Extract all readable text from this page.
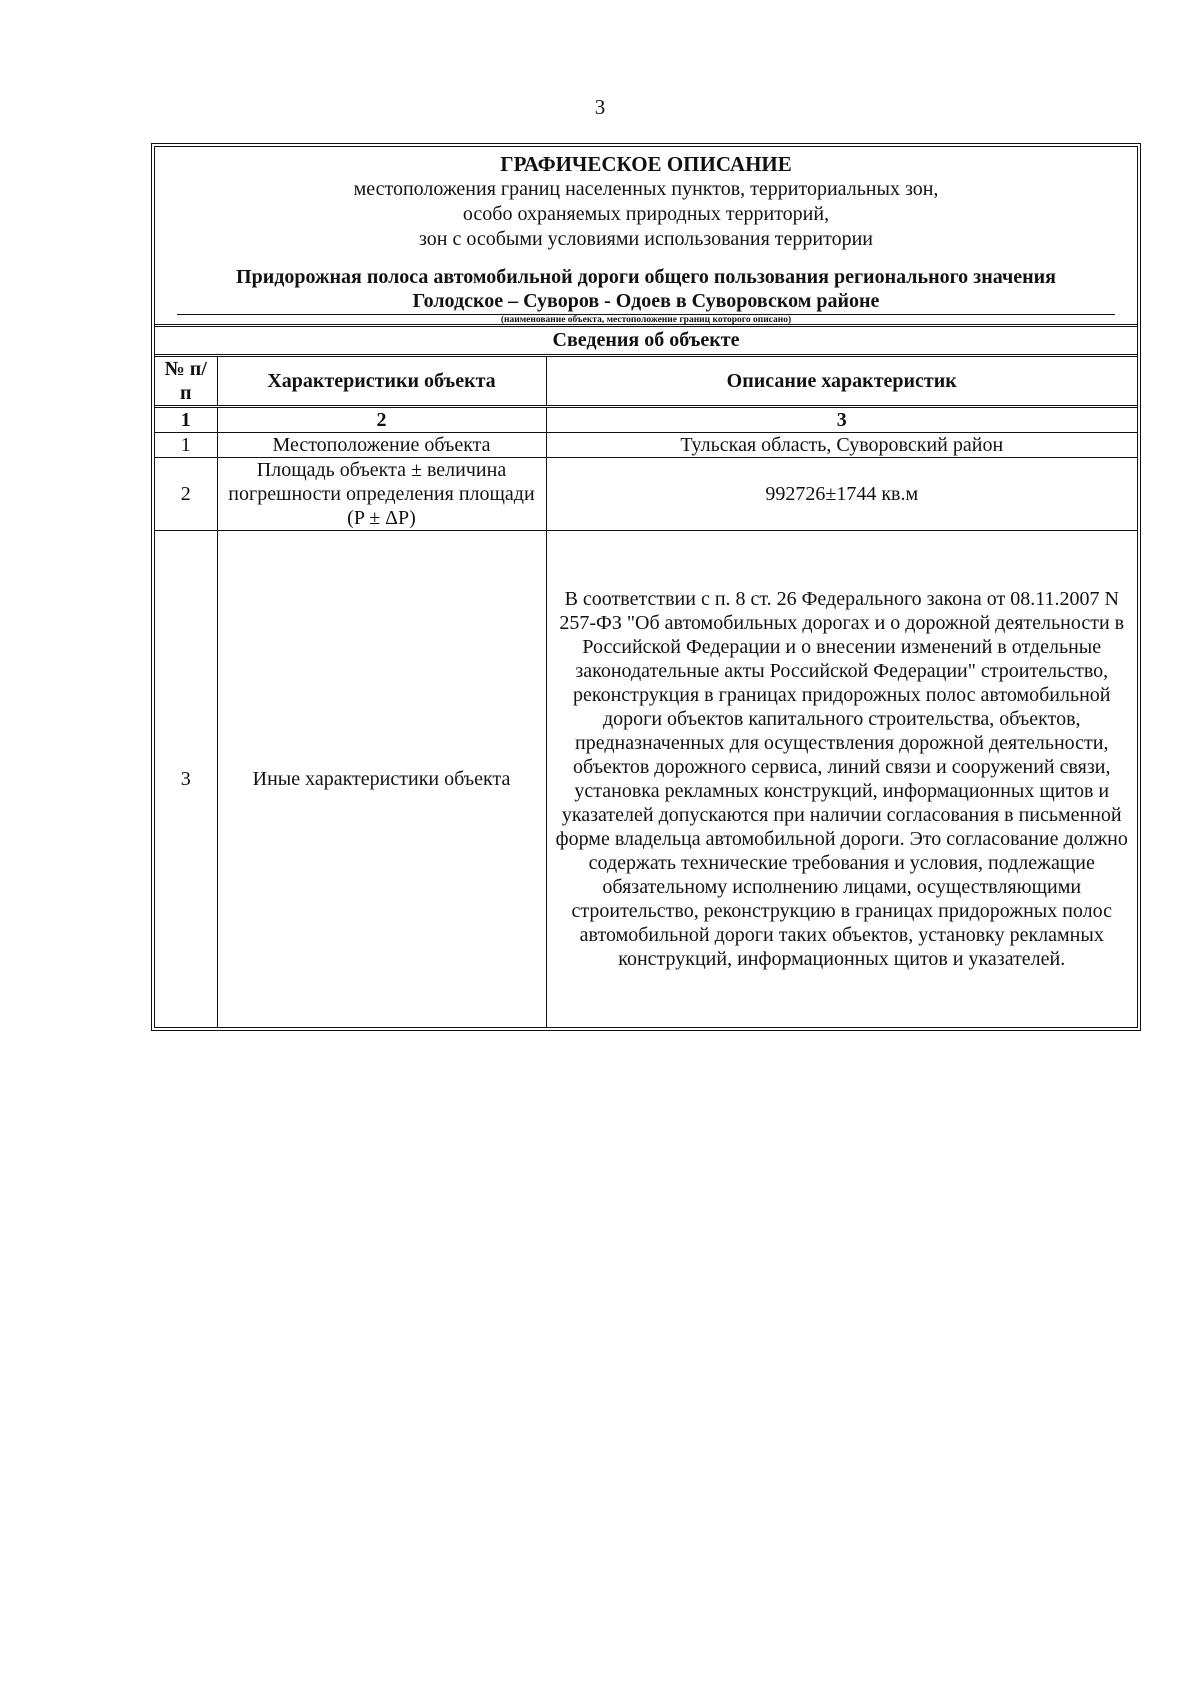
3
ГРАФИЧЕСКОЕ ОПИСАНИЕ
местоположения границ населенных пунктов, территориальных зон,
особо охраняемых природных территорий,
зон с особыми условиями использования территории
Придорожная полоса автомобильной дороги общего пользования регионального значения
Голодское – Суворов - Одоев в Суворовском районе
(наименование объекта, местоположение границ которого описано)
Сведения об объекте
№ п/п	Характеристики объекта	Описание характеристик
1	2	3
1	Местоположение объекта	Тульская область, Суворовский район
2	Площадь объекта ± величина погрешности определения площади (P ± ΔP)	992726±1744 кв.м
3	Иные характеристики объекта	В соответствии с п. 8 ст. 26 Федерального закона от 08.11.2007 N 257-ФЗ "Об автомобильных дорогах и о дорожной деятельности в Российской Федерации и о внесении изменений в отдельные законодательные акты Российской Федерации" строительство, реконструкция в границах придорожных полос автомобильной дороги объектов капитального строительства, объектов, предназначенных для осуществления дорожной деятельности, объектов дорожного сервиса, линий связи и сооружений связи, установка рекламных конструкций, информационных щитов и указателей допускаются при наличии согласования в письменной форме владельца автомобильной дороги. Это согласование должно содержать технические требования и условия, подлежащие обязательному исполнению лицами, осуществляющими строительство, реконструкцию в границах придорожных полос автомобильной дороги таких объектов, установку рекламных конструкций, информационных щитов и указателей.
